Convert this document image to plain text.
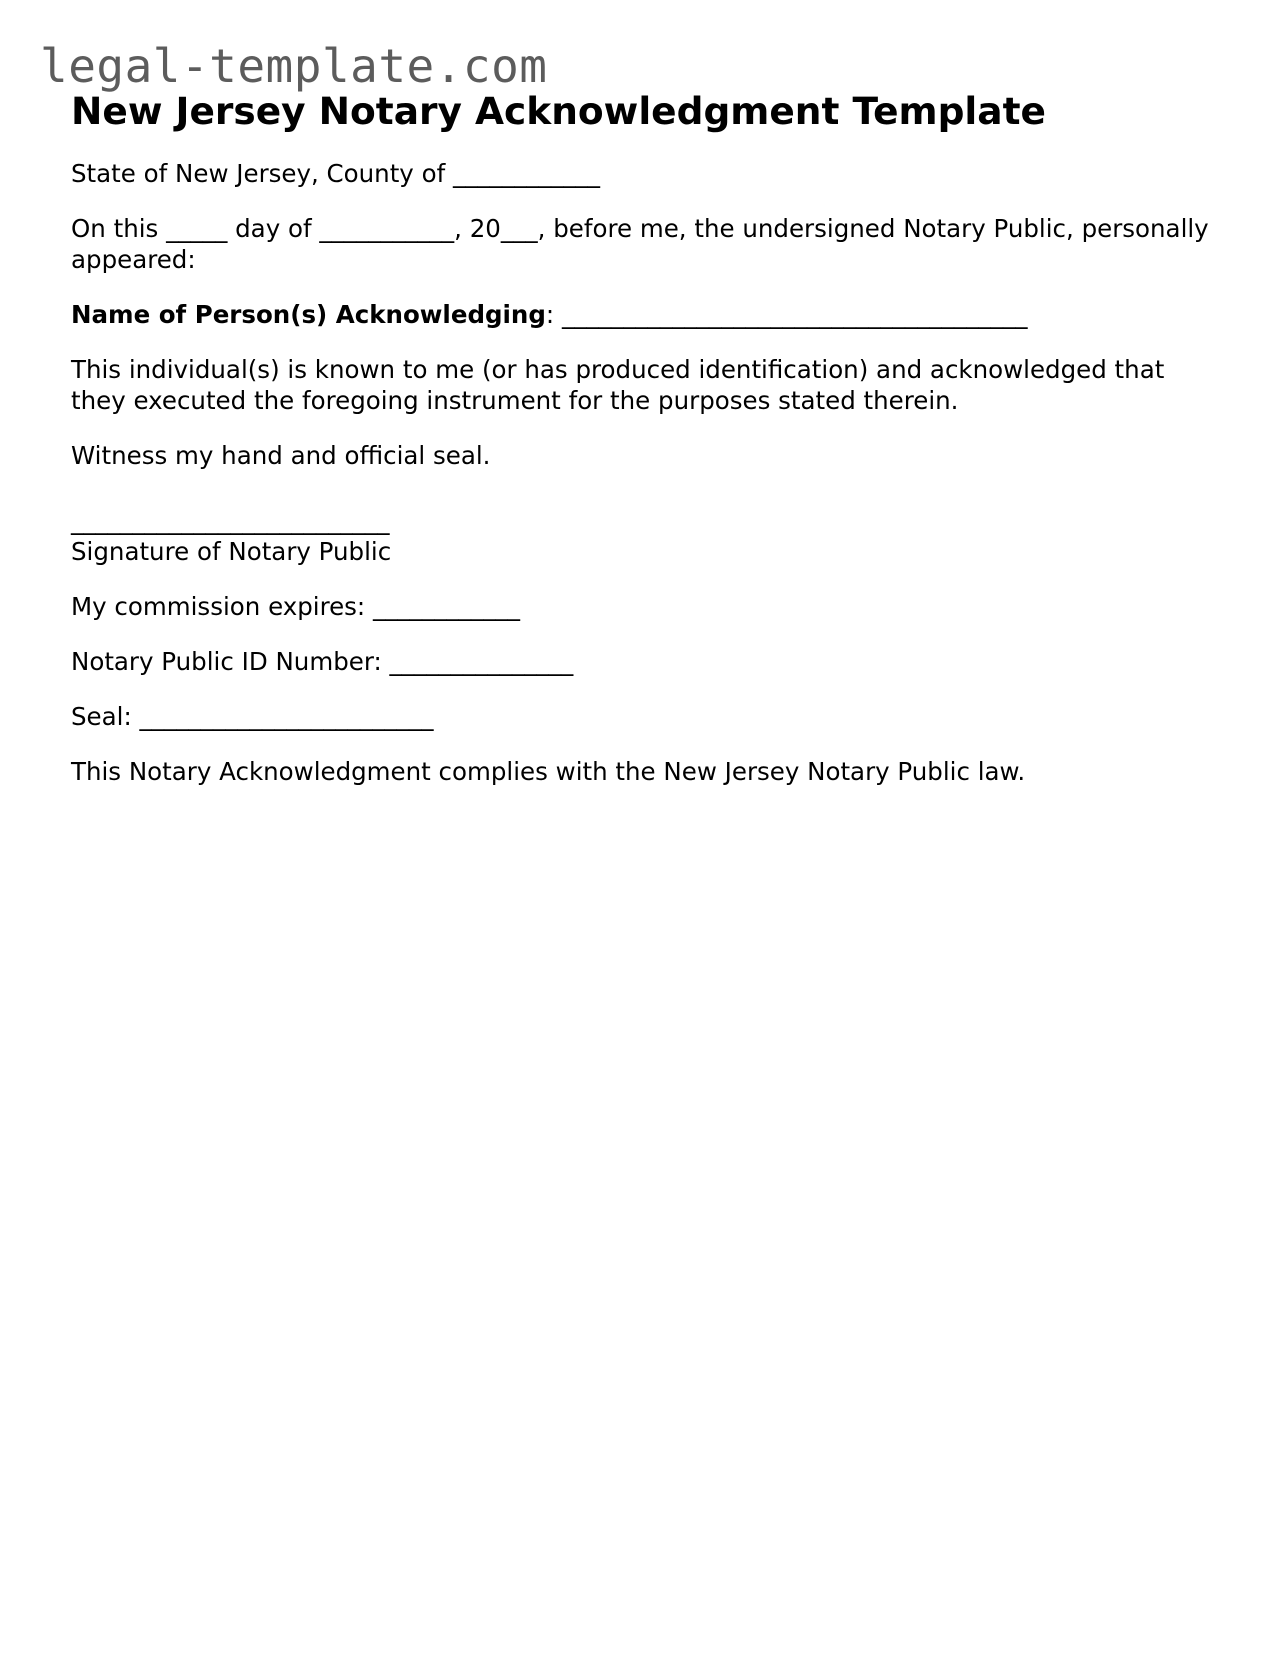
legal-template.com
New Jersey Notary Acknowledgment Template
State of New Jersey, County of ____________
On this _____ day of ___________, 20___, before me, the undersigned Notary Public, personally appeared:
Name of Person(s) Acknowledging: ______________________________________
This individual(s) is known to me (or has produced identification) and acknowledged that they executed the foregoing instrument for the purposes stated therein.
Witness my hand and official seal.
__________________________
Signature of Notary Public
My commission expires: ____________
Notary Public ID Number: _______________
Seal: ________________________
This Notary Acknowledgment complies with the New Jersey Notary Public law.
